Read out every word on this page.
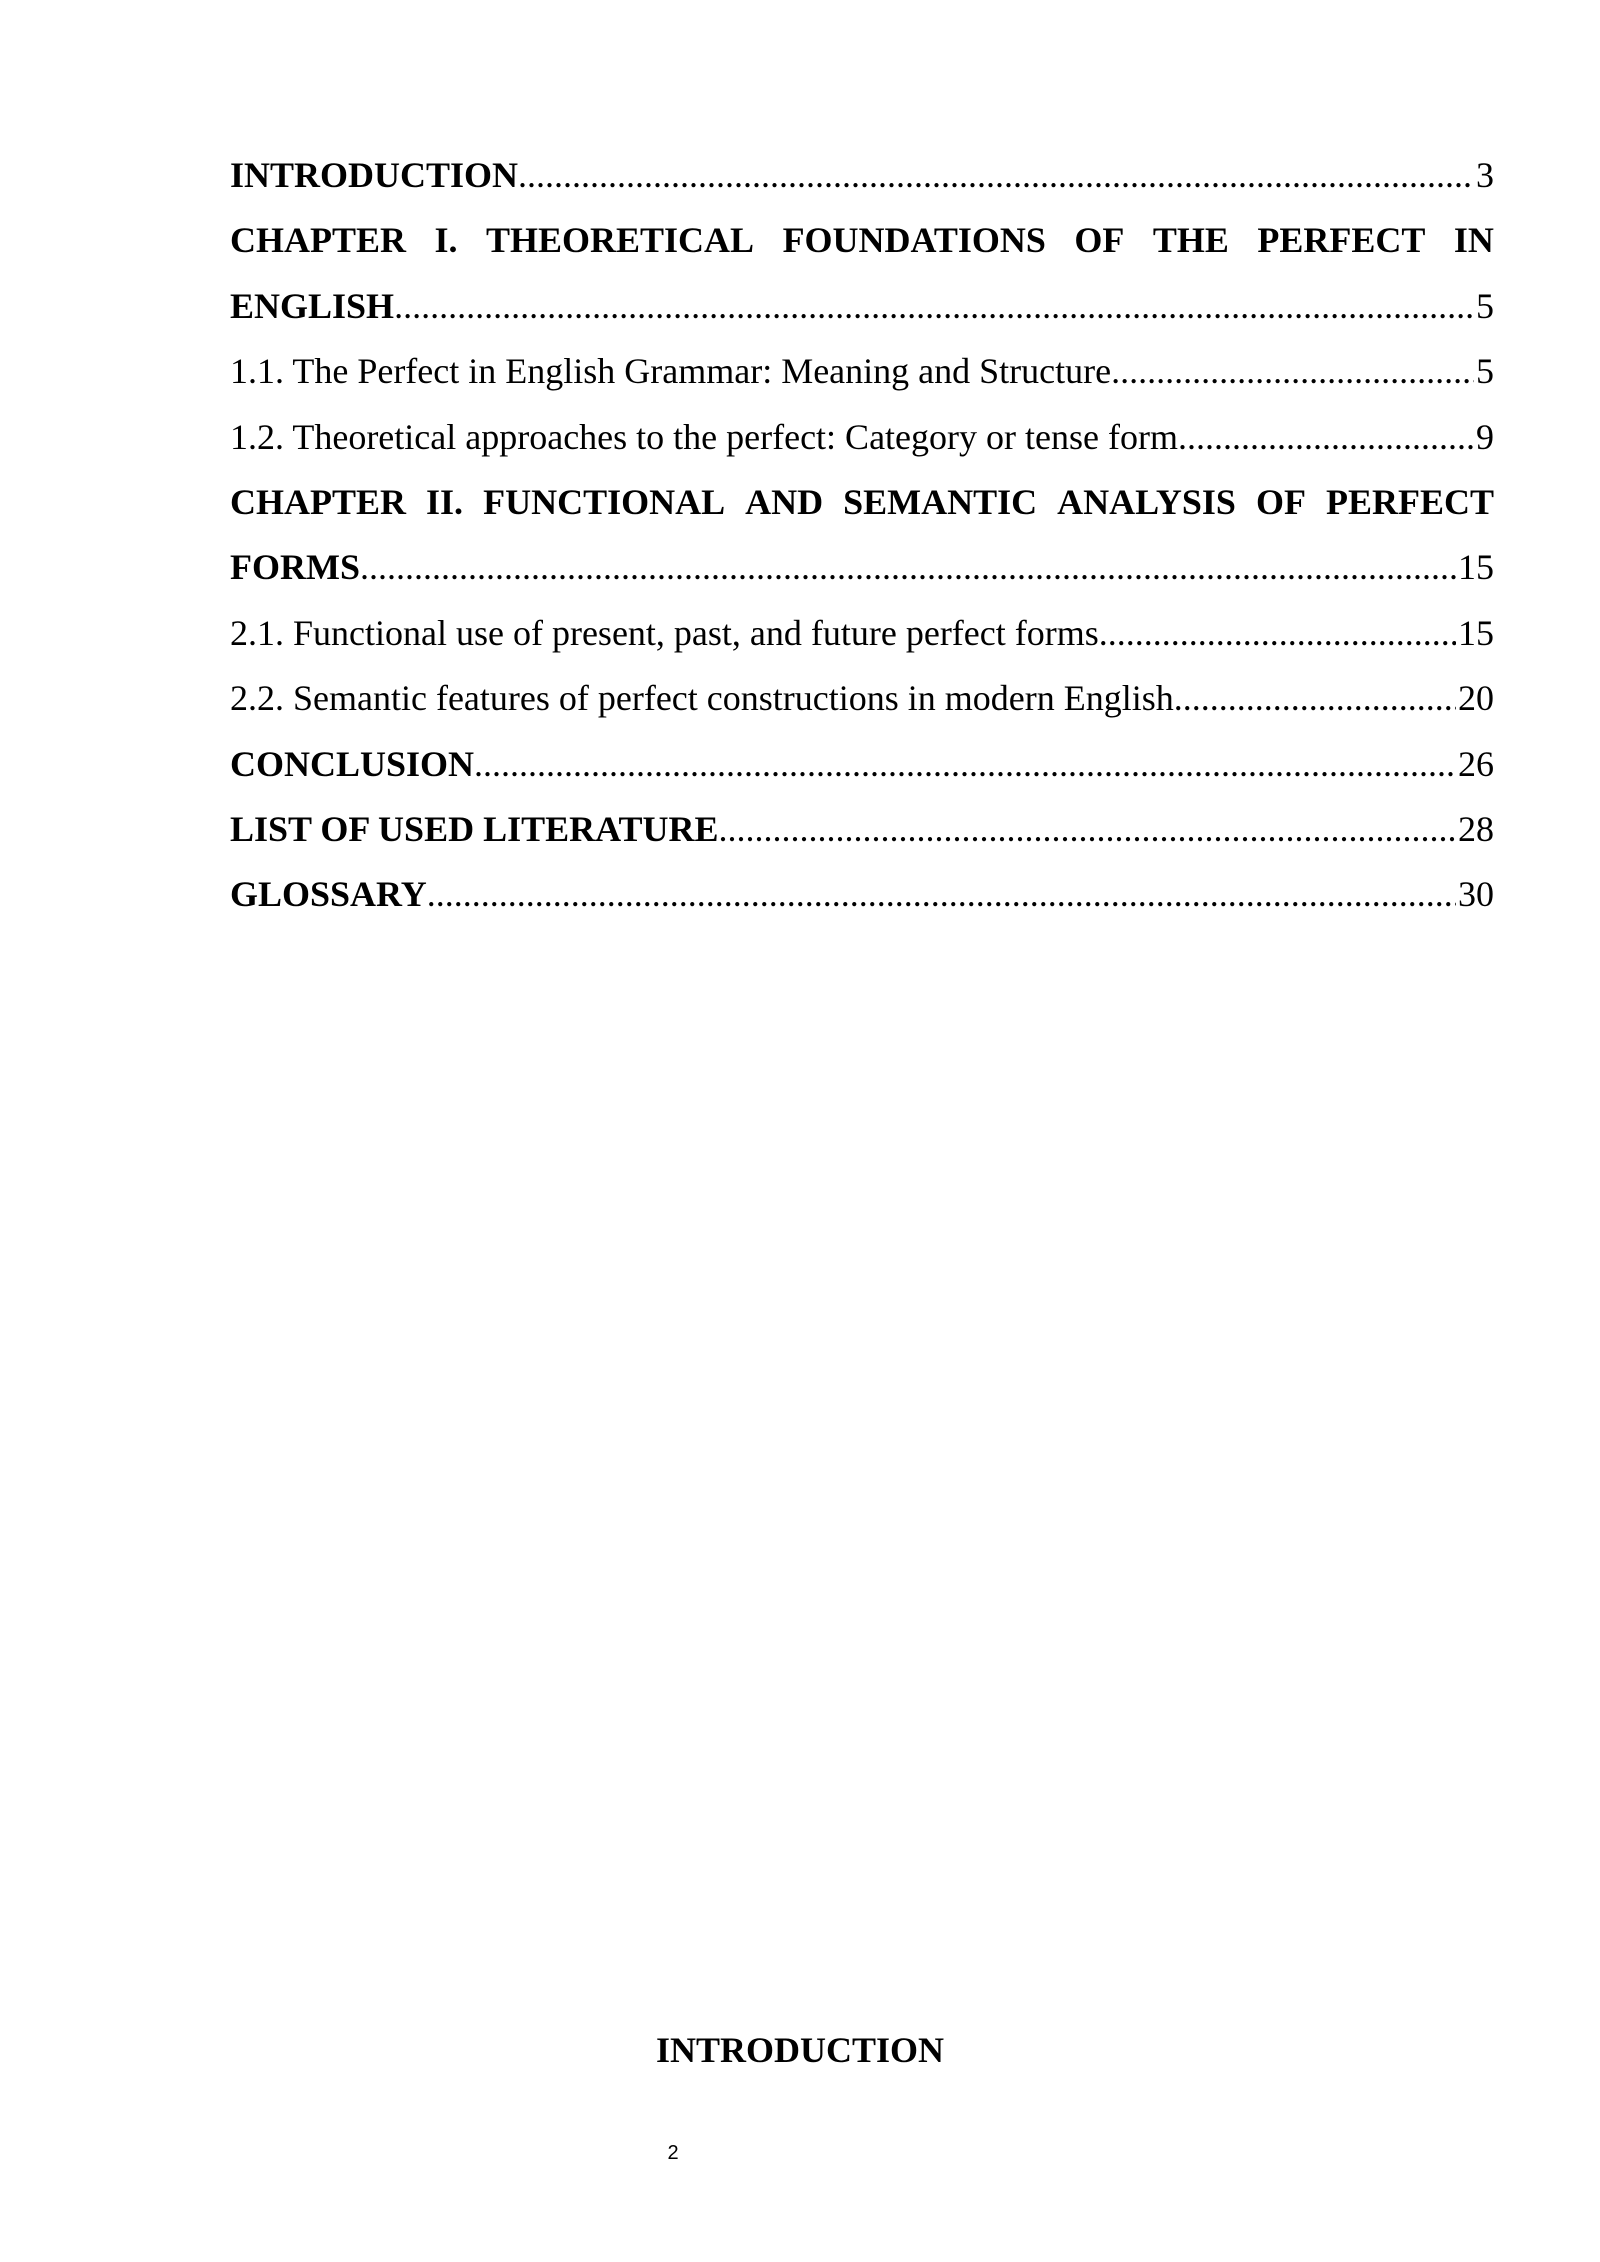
INTRODUCTION .....	3
CHAPTER I. THEORETICAL FOUNDATIONS OF THE PERFECT IN
ENGLISH .....	5
1.1. The Perfect in English Grammar: Meaning and Structure .....	5
1.2. Theoretical approaches to the perfect: Category or tense form .....	9
CHAPTER II. FUNCTIONAL AND SEMANTIC ANALYSIS OF PERFECT
FORMS .....	15
2.1. Functional use of present, past, and future perfect forms .....	15
2.2. Semantic features of perfect constructions in modern English .....	20
CONCLUSION .....	26
LIST OF USED LITERATURE .....	28
GLOSSARY .....	30
INTRODUCTION
2
